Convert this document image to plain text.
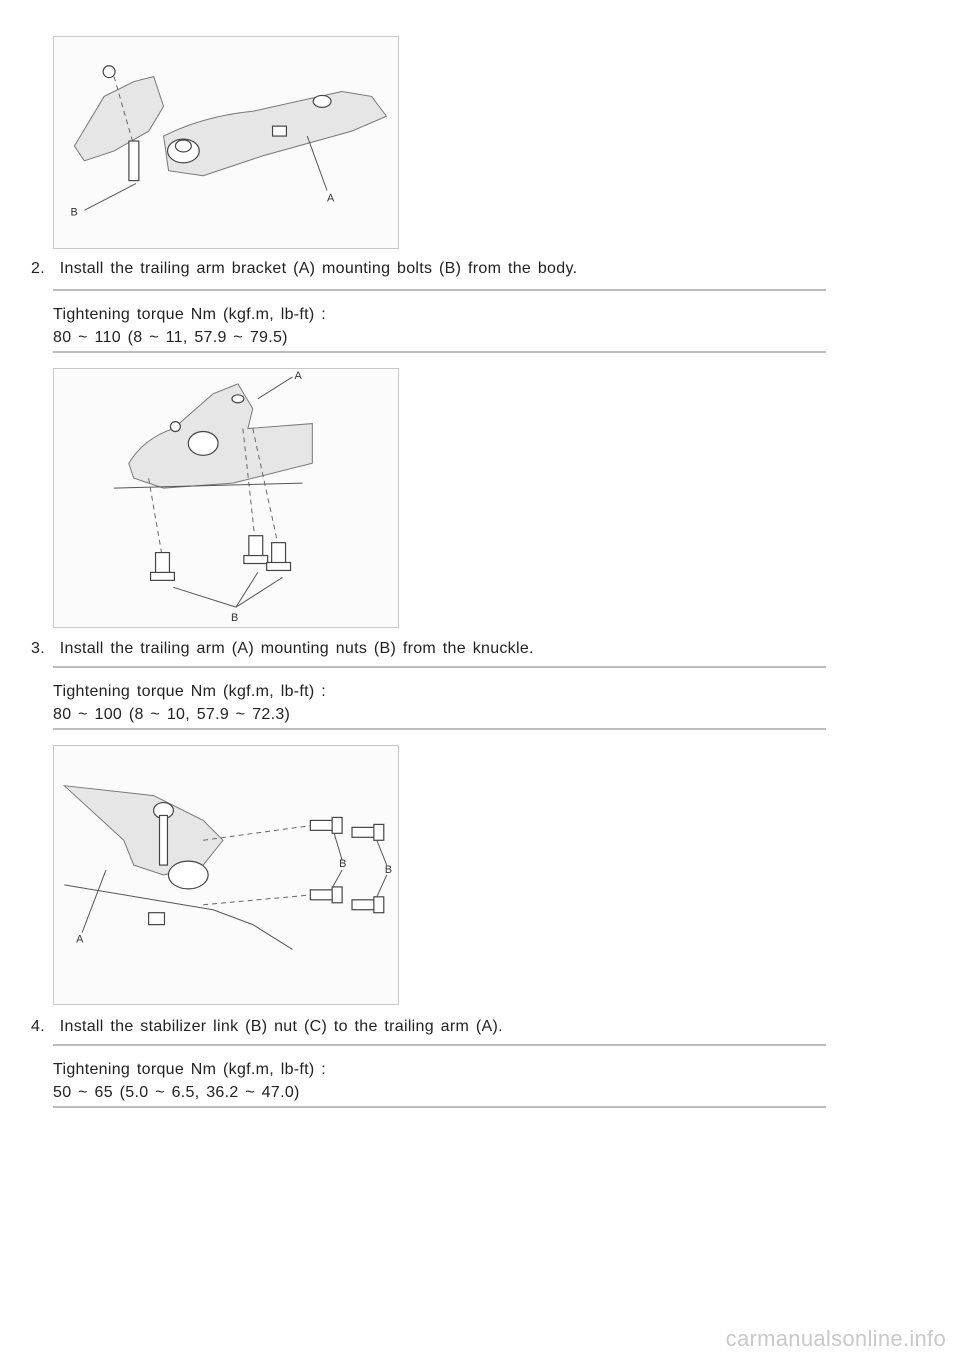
B
A
2. Install the trailing arm bracket (A) mounting bolts (B) from the body.
Tightening torque Nm (kgf.m, lb-ft) :
80 ~ 110 (8 ~ 11, 57.9 ~ 79.5)
A
B
3. Install the trailing arm (A) mounting nuts (B) from the knuckle.
Tightening torque Nm (kgf.m, lb-ft) :
80 ~ 100 (8 ~ 10, 57.9 ~ 72.3)
B	B
A
4. Install the stabilizer link (B) nut (C) to the trailing arm (A).
Tightening torque Nm (kgf.m, lb-ft) :
50 ~ 65 (5.0 ~ 6.5, 36.2 ~ 47.0)
carmanualsonline.info
